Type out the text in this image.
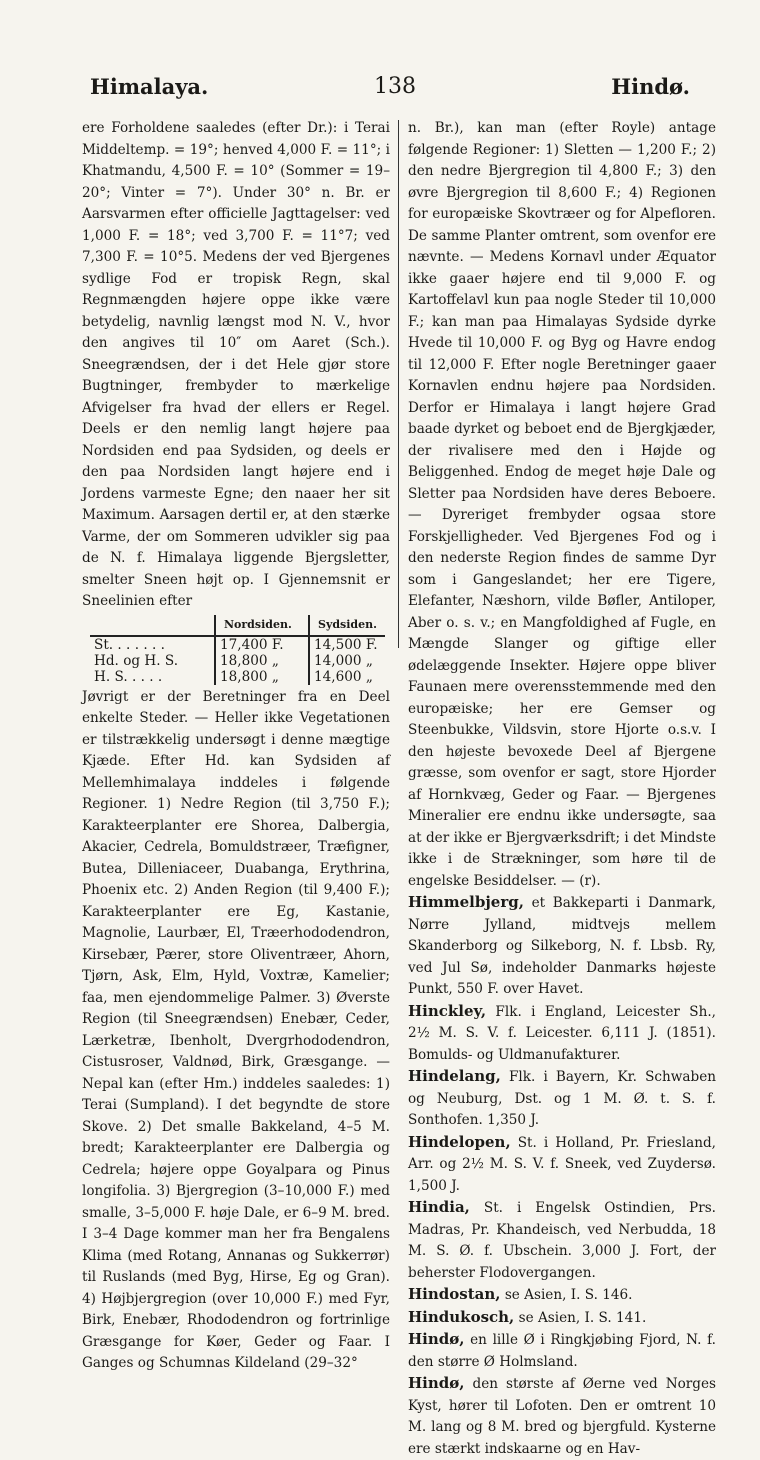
138
Himalaya.	Hindø.

ere Forholdene saaledes (efter Dr.): i Terai Middeltemp. = 19°; henved 4,000 F. = 11°; i Khatmandu, 4,500 F. = 10° (Sommer = 19–20°; Vinter = 7°). Under 30° n. Br. er Aarsvarmen efter officielle Jagttagelser: ved 1,000 F. = 18°; ved 3,700 F. = 11°7; ved 7,300 F. = 10°5. Medens der ved Bjergenes sydlige Fod er tropisk Regn, skal Regnmængden højere oppe ikke være betydelig, navnlig længst mod N. V., hvor den angives til 10″ om Aaret (Sch.). Sneegrændsen, der i det Hele gjør store Bugtninger, frembyder to mærkelige Afvigelser fra hvad der ellers er Regel. Deels er den nemlig langt højere paa Nordsiden end paa Sydsiden, og deels er den paa Nordsiden langt højere end i Jordens varmeste Egne; den naaer her sit Maximum. Aarsagen dertil er, at den stærke Varme, der om Sommeren udvikler sig paa de N. f. Himalaya liggende Bjergsletter, smelter Sneen højt op. I Gjennemsnit er Sneelinien efter

	Nordsiden.	Sydsiden.
St. . . . . . .	17,400 F.	14,500 F.
Hd. og H. S.	18,800 „	14,000 „
H. S. . . . .	18,800 „	14,600 „

Jøvrigt er der Beretninger fra en Deel enkelte Steder. — Heller ikke Vegetationen er tilstrækkelig undersøgt i denne mægtige Kjæde. Efter Hd. kan Sydsiden af Mellemhimalaya inddeles i følgende Regioner. 1) Nedre Region (til 3,750 F.); Karakteerplanter ere Shorea, Dalbergia, Akacier, Cedrela, Bomuldstræer, Træfigner, Butea, Dilleniaceer, Duabanga, Erythrina, Phoenix etc. 2) Anden Region (til 9,400 F.); Karakteerplanter ere Eg, Kastanie, Magnolie, Laurbær, El, Træerhododendron, Kirsebær, Pærer, store Oliventræer, Ahorn, Tjørn, Ask, Elm, Hyld, Voxtræ, Kamelier; faa, men ejendommelige Palmer. 3) Øverste Region (til Sneegrændsen) Enebær, Ceder, Lærketræ, Ibenholt, Dvergrhododendron, Cistusroser, Valdnød, Birk, Græsgange. — Nepal kan (efter Hm.) inddeles saaledes: 1) Terai (Sumpland). I det begyndte de store Skove. 2) Det smalle Bakkeland, 4–5 M. bredt; Karakteerplanter ere Dalbergia og Cedrela; højere oppe Goyalpara og Pinus longifolia. 3) Bjergregion (3–10,000 F.) med smalle, 3–5,000 F. høje Dale, er 6–9 M. bred. I 3–4 Dage kommer man her fra Bengalens Klima (med Rotang, Annanas og Sukkerrør) til Ruslands (med Byg, Hirse, Eg og Gran). 4) Højbjergregion (over 10,000 F.) med Fyr, Birk, Enebær, Rhododendron og fortrinlige Græsgange for Køer, Geder og Faar. I Ganges og Schumnas Kildeland (29–32°

n. Br.), kan man (efter Royle) antage følgende Regioner: 1) Sletten — 1,200 F.; 2) den nedre Bjergregion til 4,800 F.; 3) den øvre Bjergregion til 8,600 F.; 4) Regionen for europæiske Skovtræer og for Alpefloren. De samme Planter omtrent, som ovenfor ere nævnte. — Medens Kornavl under Æquator ikke gaaer højere end til 9,000 F. og Kartoffelavl kun paa nogle Steder til 10,000 F.; kan man paa Himalayas Sydside dyrke Hvede til 10,000 F. og Byg og Havre endog til 12,000 F. Efter nogle Beretninger gaaer Kornavlen endnu højere paa Nordsiden. Derfor er Himalaya i langt højere Grad baade dyrket og beboet end de Bjergkjæder, der rivalisere med den i Højde og Beliggenhed. Endog de meget høje Dale og Sletter paa Nordsiden have deres Beboere. — Dyreriget frembyder ogsaa store Forskjelligheder. Ved Bjergenes Fod og i den nederste Region findes de samme Dyr som i Gangeslandet; her ere Tigere, Elefanter, Næshorn, vilde Bøfler, Antiloper, Aber o. s. v.; en Mangfoldighed af Fugle, en Mængde Slanger og giftige eller ødelæggende Insekter. Højere oppe bliver Faunaen mere overensstemmende med den europæiske; her ere Gemser og Steenbukke, Vildsvin, store Hjorte o.s.v. I den højeste bevoxede Deel af Bjergene græsse, som ovenfor er sagt, store Hjorder af Hornkvæg, Geder og Faar. — Bjergenes Mineralier ere endnu ikke undersøgte, saa at der ikke er Bjergværksdrift; i det Mindste ikke i de Strækninger, som høre til de engelske Besiddelser. — (r).

Himmelbjerg, et Bakkeparti i Danmark, Nørre Jylland, midtvejs mellem Skanderborg og Silkeborg, N. f. Lbsb. Ry, ved Jul Sø, indeholder Danmarks højeste Punkt, 550 F. over Havet.

Hinckley, Flk. i England, Leicester Sh., 2½ M. S. V. f. Leicester. 6,111 J. (1851). Bomulds- og Uldmanufakturer.

Hindelang, Flk. i Bayern, Kr. Schwaben og Neuburg, Dst. og 1 M. Ø. t. S. f. Sonthofen. 1,350 J.

Hindelopen, St. i Holland, Pr. Friesland, Arr. og 2½ M. S. V. f. Sneek, ved Zuydersø. 1,500 J.

Hindia, St. i Engelsk Ostindien, Prs. Madras, Pr. Khandeisch, ved Nerbudda, 18 M. S. Ø. f. Ubschein. 3,000 J. Fort, der beherster Flodovergangen.

Hindostan, se Asien, I. S. 146.

Hindukosch, se Asien, I. S. 141.

Hindø, en lille Ø i Ringkjøbing Fjord, N. f. den større Ø Holmsland.

Hindø, den største af Øerne ved Norges Kyst, hører til Lofoten. Den er omtrent 10 M. lang og 8 M. bred og bjergfuld. Kysterne ere stærkt indskaarne og en Hav-
